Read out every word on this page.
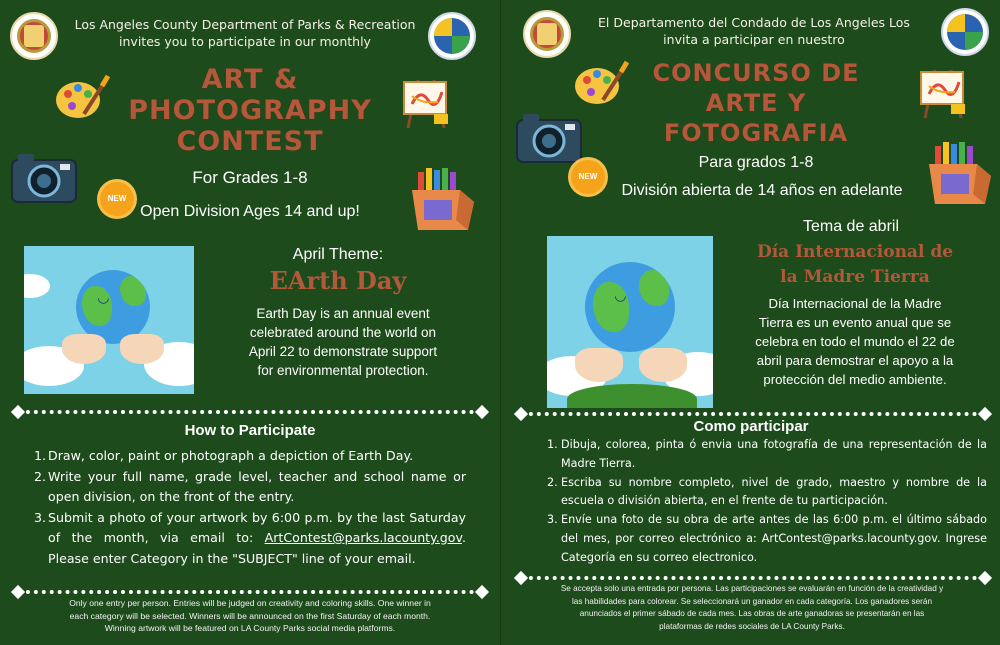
Los Angeles County Department of Parks & Recreation
invites you to participate in our monthly
ART &
PHOTOGRAPHY
CONTEST
For Grades 1-8
NEW
Open Division Ages 14 and up!
◡
April Theme:
EArth Day
Earth Day is an annual event
celebrated around the world on
April 22 to demonstrate support
for environmental protection.
How to Participate
1. Draw, color, paint or photograph a depiction of Earth Day.
2. Write your full name, grade level, teacher and school name or open division, on the front of the entry.
3. Submit a photo of your artwork by 6:00 p.m. by the last Saturday of the month, via email to: ArtContest@parks.lacounty.gov. Please enter Category in the "SUBJECT" line of your email.
Only one entry per person. Entries will be judged on creativity and coloring skills. One winner in
each category will be selected. Winners will be announced on the first Saturday of each month.
Winning artwork will be featured on LA County Parks social media platforms.
El Departamento del Condado de Los Angeles Los
invita a participar en nuestro
CONCURSO DE
ARTE Y
FOTOGRAFIA
Para grados 1-8
NEW
División abierta de 14 años en adelante
Tema de abril
Día Internacional de
la Madre Tierra
◡	Día Internacional de la Madre
Tierra es un evento anual que se
celebra en todo el mundo el 22 de
abril para demostrar el apoyo a la
protección del medio ambiente.
Como participar
1. Dibuja, colorea, pinta ó envia una fotografía de una representación de la Madre Tierra.
2. Escriba su nombre completo, nivel de grado, maestro y nombre de la escuela o división abierta, en el frente de tu participación.
3. Envíe una foto de su obra de arte antes de las 6:00 p.m. el último sábado del mes, por correo electrónico a: ArtContest@parks.lacounty.gov. Ingrese Categoría en su correo electronico.
Se accepta solo una entrada por persona. Las participaciones se evaluarán en función de la creatividad y
las habilidades para colorear. Se seleccionará un ganador en cada categoría. Los ganadores serán
anunciados el primer sábado de cada mes. Las obras de arte ganadoras se presentarán en las
plataformas de redes sociales de LA County Parks.
